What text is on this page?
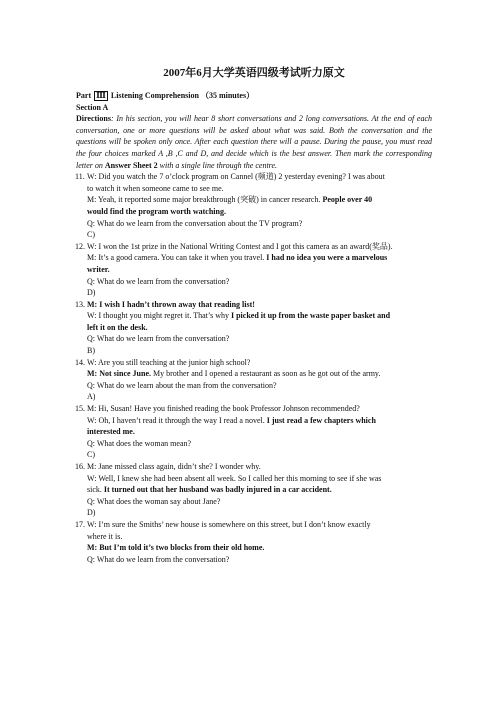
2007年6月大学英语四级考试听力原文

Part Ⅲ Listening Comprehension （35 minutes）

Section A

Directions: In his section, you will hear 8 short conversations and 2 long conversations. At the end of each conversation, one or more questions will be asked about what was said. Both the conversation and the questions will be spoken only once. After each question there will a pause. During the pause, you must read the four choices marked A ,B ,C and D, and decide which is the best answer. Then mark the corresponding letter on Answer Sheet 2 with a single line through the centre.

11. W: Did you watch the 7 o’clock program on Cannel (频道) 2 yesterday evening? I was about

to watch it when someone came to see me.

M: Yeah, it reported some major breakthrough (突破) in cancer research. People over 40

would find the program worth watching.

Q: What do we learn from the conversation about the TV program?

C)

12. W: I won the 1st prize in the National Writing Contest and I got this camera as an award(奖品).

M: It’s a good camera. You can take it when you travel. I had no idea you were a marvelous

writer.

Q: What do we learn from the conversation?

D)

13. M: I wish I hadn’t thrown away that reading list!

W: I thought you might regret it. That’s why I picked it up from the waste paper basket and

left it on the desk.

Q: What do we learn from the conversation?

B)

14. W: Are you still teaching at the junior high school?

M: Not since June. My brother and I opened a restaurant as soon as he got out of the army.

Q: What do we learn about the man from the conversation?

A)

15. M: Hi, Susan! Have you finished reading the book Professor Johnson recommended?

W: Oh, I haven’t read it through the way I read a novel. I just read a few chapters which

interested me.

Q: What does the woman mean?

C)

16. M: Jane missed class again, didn’t she? I wonder why.

W: Well, I knew she had been absent all week. So I called her this morning to see if she was

sick. It turned out that her husband was badly injured in a car accident.

Q: What does the woman say about Jane?

D)

17. W: I’m sure the Smiths’ new house is somewhere on this street, but I don’t know exactly

where it is.

M: But I’m told it’s two blocks from their old home.

Q: What do we learn from the conversation?
